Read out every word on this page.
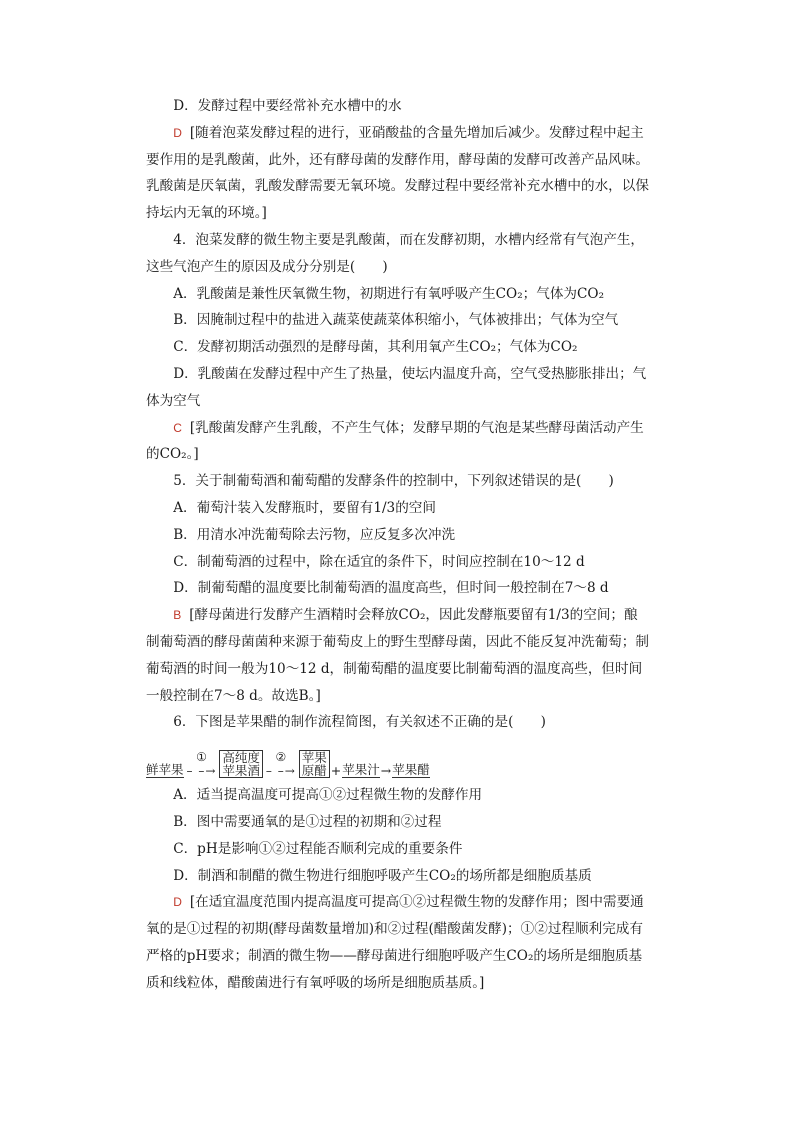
D．发酵过程中要经常补充水槽中的水

D [随着泡菜发酵过程的进行，亚硝酸盐的含量先增加后减少。发酵过程中起主要作用的是乳酸菌，此外，还有酵母菌的发酵作用，酵母菌的发酵可改善产品风味。乳酸菌是厌氧菌，乳酸发酵需要无氧环境。发酵过程中要经常补充水槽中的水，以保持坛内无氧的环境。]

4．泡菜发酵的微生物主要是乳酸菌，而在发酵初期，水槽内经常有气泡产生，这些气泡产生的原因及成分分别是(　　)

A．乳酸菌是兼性厌氧微生物，初期进行有氧呼吸产生CO₂；气体为CO₂

B．因腌制过程中的盐进入蔬菜使蔬菜体积缩小，气体被排出；气体为空气

C．发酵初期活动强烈的是酵母菌，其利用氧产生CO₂；气体为CO₂

D．乳酸菌在发酵过程中产生了热量，使坛内温度升高，空气受热膨胀排出；气体为空气

C [乳酸菌发酵产生乳酸，不产生气体；发酵早期的气泡是某些酵母菌活动产生的CO₂。]

5．关于制葡萄酒和葡萄醋的发酵条件的控制中，下列叙述错误的是(　　)

A．葡萄汁装入发酵瓶时，要留有1/3的空间

B．用清水冲洗葡萄除去污物，应反复多次冲洗

C．制葡萄酒的过程中，除在适宜的条件下，时间应控制在10～12 d

D．制葡萄醋的温度要比制葡萄酒的温度高些，但时间一般控制在7～8 d

B [酵母菌进行发酵产生酒精时会释放CO₂，因此发酵瓶要留有1/3的空间；酿制葡萄酒的酵母菌菌种来源于葡萄皮上的野生型酵母菌，因此不能反复冲洗葡萄；制葡萄酒的时间一般为10～12 d，制葡萄醋的温度要比制葡萄酒的温度高些，但时间一般控制在7～8 d。故选B。]

6．下图是苹果醋的制作流程简图，有关叙述不正确的是(　　)

鲜苹果
①
– –→
高纯度
苹果酒
②
– –→
苹果
原醋 + 苹果汁 → 苹果醋

A．适当提高温度可提高①②过程微生物的发酵作用

B．图中需要通氧的是①过程的初期和②过程

C．pH是影响①②过程能否顺利完成的重要条件

D．制酒和制醋的微生物进行细胞呼吸产生CO₂的场所都是细胞质基质

D [在适宜温度范围内提高温度可提高①②过程微生物的发酵作用；图中需要通氧的是①过程的初期(酵母菌数量增加)和②过程(醋酸菌发酵)；①②过程顺利完成有严格的pH要求；制酒的微生物——酵母菌进行细胞呼吸产生CO₂的场所是细胞质基质和线粒体，醋酸菌进行有氧呼吸的场所是细胞质基质。]
